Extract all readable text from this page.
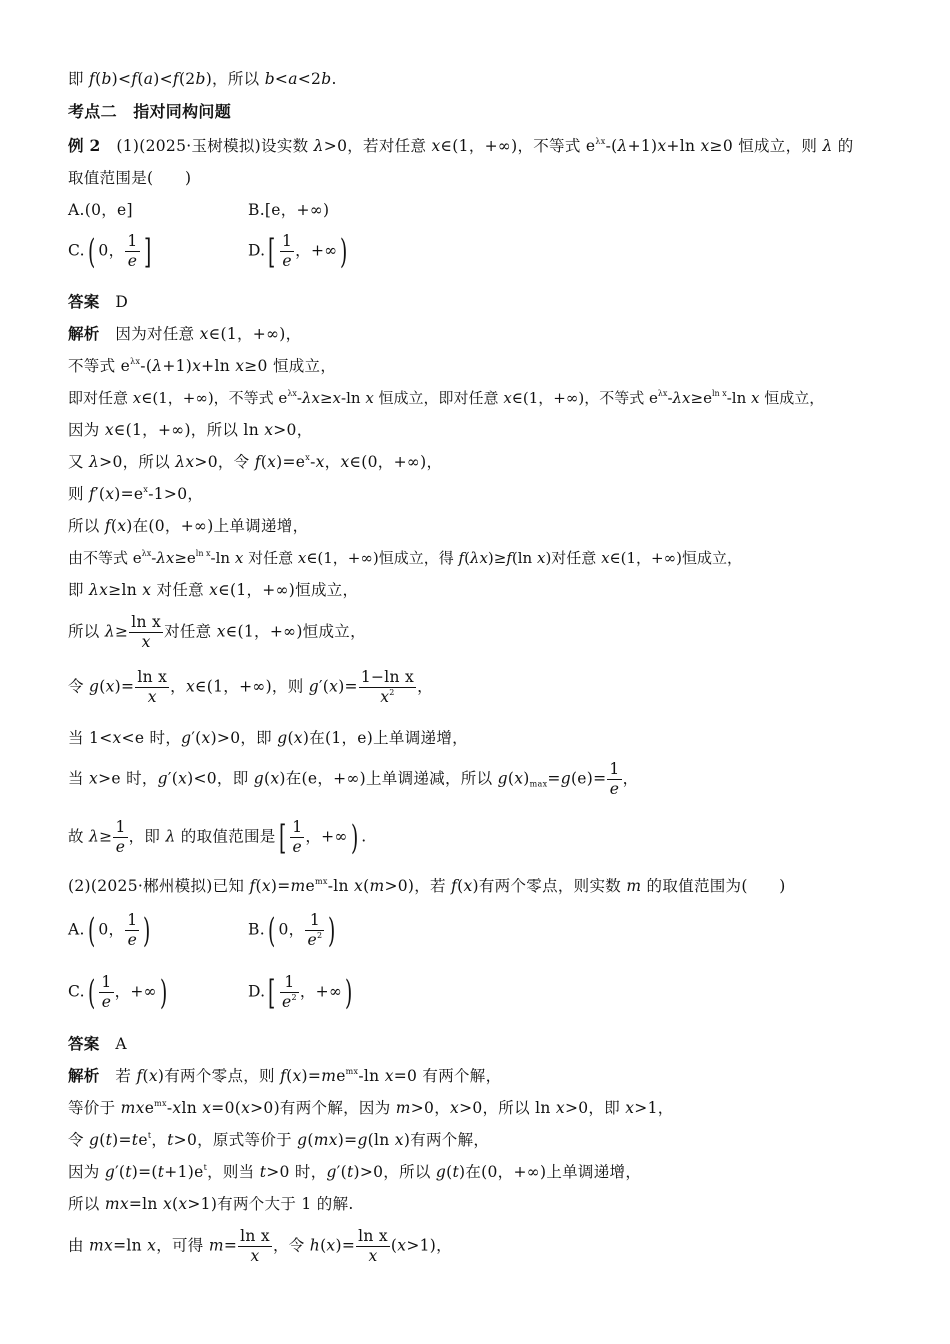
即 f(b)<f(a)<f(2b)，所以 b<a<2b.
考点二　指对同构问题
例 2　 (1)(2025·玉树模拟)设实数 λ>0，若对任意 x∈(1，+∞)，不等式 $e^{\lambda x}-(\lambda+1)x+\ln$ x≥0 恒成立，则 λ 的
取值范围是(　　)
A.(0，e]	B.[e，+∞)
C.( 0， $\frac{1}{e}$ ]	$D.[ \frac{1}{e}$ ，+∞)
答案　 D
解析　 因为对任意 x∈(1，+∞)，
不等式 $e^{\lambda x}-(\lambda+1)x+\ln$ x≥0 恒成立，
即对任意 x∈(1，+∞)，不等式 $e^{\lambda x}-\lambda x\ge x-\ln$ x 恒成立，即对任意 x∈(1，+∞)，不等式 $e^{\lambda x}-\lambda x\ge e^{ln x}-\ln$ x 恒成立，
因为 x∈(1，+∞)，所以 ln x>0，
又 λ>0，所以 λx>0，令 $f(x)=e^x-x$，x∈(0，+∞)，
则 $f'(x)=e^x-1>0$，
所以 f(x)在(0，+∞)上单调递增，
由不等式 $e^{\lambda x}-\lambda x\ge e^{ln x}-\ln$ x 对任意 x∈(1，+∞)恒成立，得 f(λx)≥f(ln x)对任意 x∈(1，+∞)恒成立，
即 λx≥ln x 对任意 x∈(1，+∞)恒成立，
所以 $\lambda\ge \frac{\text{ln x}}{x}$ 对任意 x∈(1，+∞)恒成立，
令 $g(x)= \frac{\text{ln x}}{x}$ ，x∈(1，+∞)，则 $g'(x)= \frac{\text{1−ln x}}{x^2}$ ，
当 1<x<e 时，g′(x)>0，即 g(x)在(1，e)上单调递增，
当 x>e 时，g′(x)<0，即 g(x)在(e，+∞)上单调递减，所以 $g(x)_{max}=g(e)= \frac{1}{e}$ ，
故 $\lambda\ge \frac{1}{e}$ ，即 λ 的取值范围是[ $\frac{1}{e}$ ，+∞) .
(2)(2025·郴州模拟)已知 $f(x)=me^{mx}-\ln$ x(m>0)，若 f(x)有两个零点，则实数 m 的取值范围为(　　)
A.( 0， $\frac{1}{e}$ )	B.( 0， $\frac{1}{e^2}$ )
$C.( \frac{1}{e}$ ，+∞)	$D.[ \frac{1}{e^2}$ ，+∞)
答案　 A
解析　 若 f(x)有两个零点，则 $f(x)=me^{mx}-\ln$ x=0 有两个解，
等价于 mxe$^{mx}$-xln x=0(x>0)有两个解，因为 m>0，x>0，所以 ln x>0，即 x>1，
令 $g(t)=te^t$，t>0，原式等价于 g(mx)=g(ln x)有两个解，
因为 $g'(t)=(t+1)e^t$，则当 t>0 时，g′(t)>0，所以 g(t)在(0，+∞)上单调递增，
所以 mx=ln x(x>1)有两个大于 1 的解.
由 mx=ln x，可得 $m= \frac{\text{ln x}}{x}$ ，令 $h(x)= \frac{\text{ln x}}{x} (x>1)$，
